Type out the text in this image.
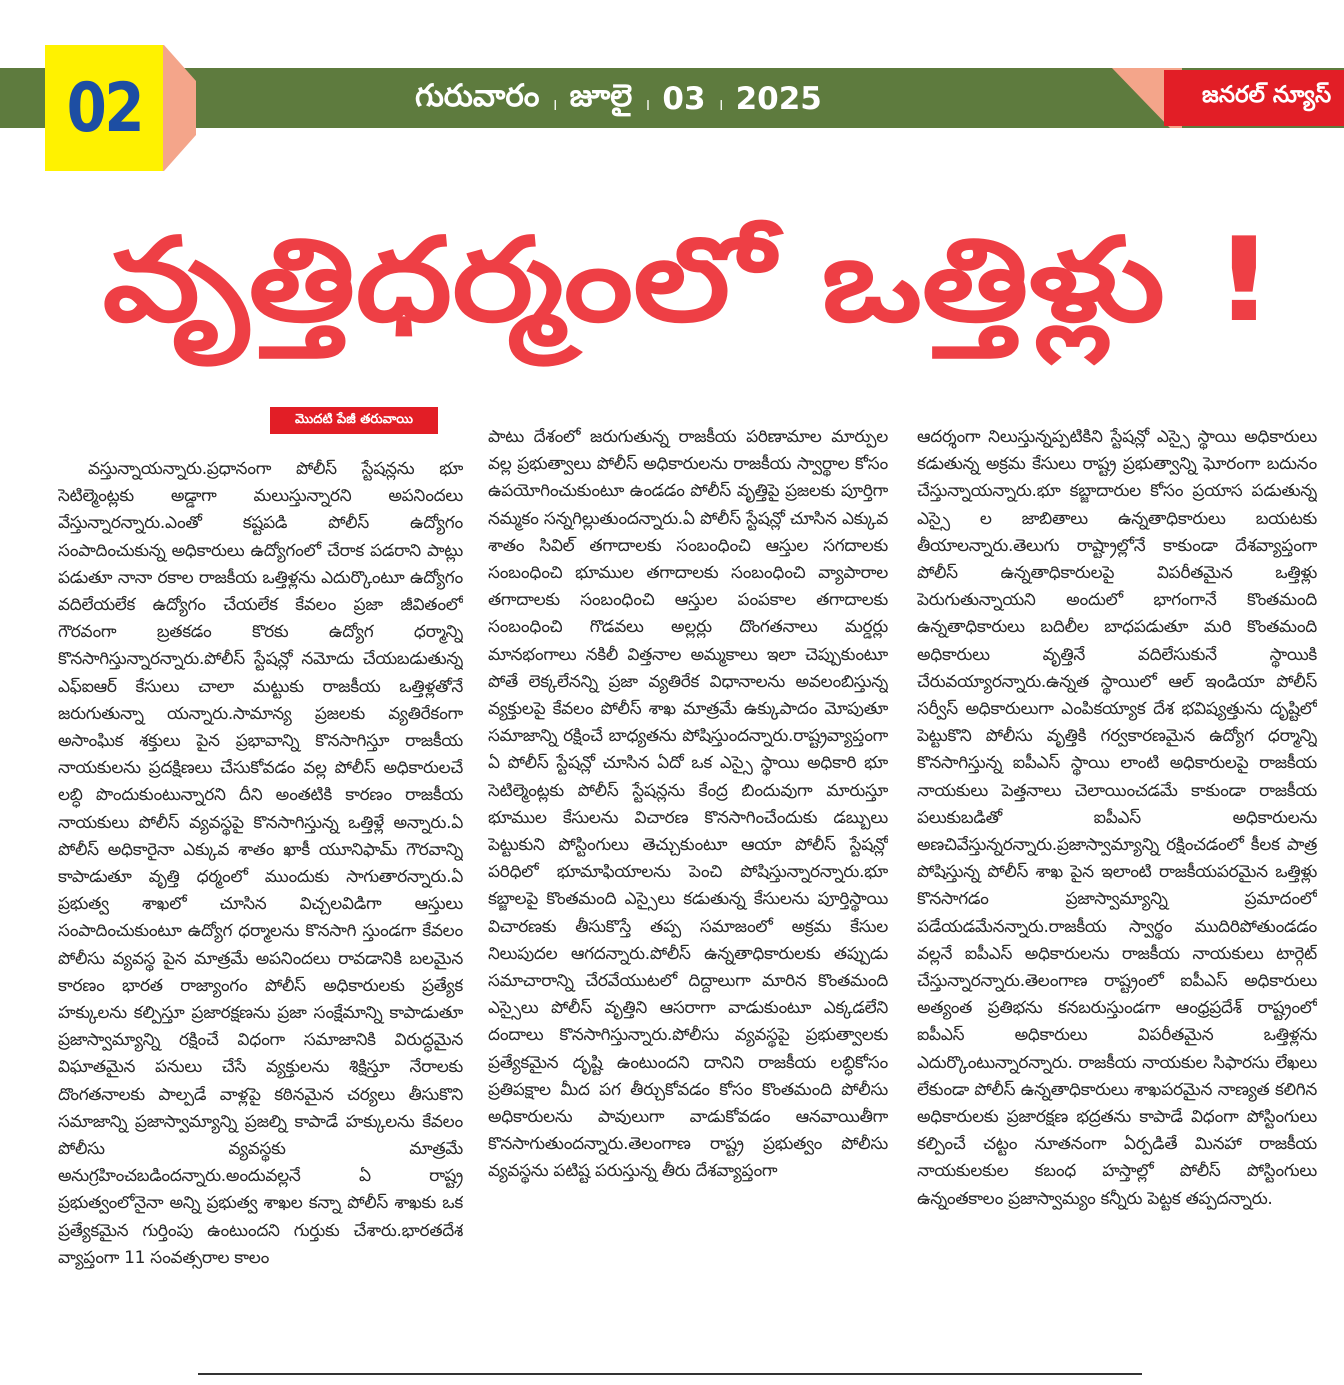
02	గురువారం । జూలై । 03 । 2025	జనరల్ న్యూస్
వృత్తిధర్మంలో ఒత్తిళ్లు !
మొదటి పేజీ తరువాయి
వస్తున్నాయన్నారు.ప్రధానంగా పోలీస్ స్టేషన్లను భూ సెటిల్మెంట్లకు అడ్డాగా మలుస్తున్నారని అపనిందలు వేస్తున్నారన్నారు.ఎంతో కష్టపడి పోలీస్ ఉద్యోగం సంపాదించుకున్న అధికారులు ఉద్యోగంలో చేరాక పడరాని పాట్లు పడుతూ నానా రకాల రాజకీయ ఒత్తిళ్లను ఎదుర్కొంటూ ఉద్యోగం వదిలేయలేక ఉద్యోగం చేయలేక కేవలం ప్రజా జీవితంలో గౌరవంగా బ్రతకడం కొరకు ఉద్యోగ ధర్మాన్ని కొనసాగిస్తున్నారన్నారు.పోలీస్ స్టేషన్లో నమోదు చేయబడుతున్న ఎఫ్ఐఆర్ కేసులు చాలా మట్టుకు రాజకీయ ఒత్తిళ్లతోనే జరుగుతున్నా యన్నారు.సామాన్య ప్రజలకు వ్యతిరేకంగా అసాంఘిక శక్తులు పైన ప్రభావాన్ని కొనసాగిస్తూ రాజకీయ నాయకులను ప్రదక్షిణలు చేసుకోవడం వల్ల పోలీస్ అధికారులచే లబ్ధి పొందుకుంటున్నారని దీని అంతటికి కారణం రాజకీయ నాయకులు పోలీస్ వ్యవస్థపై కొనసాగిస్తున్న ఒత్తిళ్లే అన్నారు.ఏ పోలీస్ అధికారైనా ఎక్కువ శాతం ఖాకీ యూనిఫామ్ గౌరవాన్ని కాపాడుతూ వృత్తి ధర్మంలో ముందుకు సాగుతారన్నారు.ఏ ప్రభుత్వ శాఖలో చూసిన విచ్చలవిడిగా ఆస్తులు సంపాదించుకుంటూ ఉద్యోగ ధర్మాలను కొనసాగి స్తుండగా కేవలం పోలీసు వ్యవస్థ పైన మాత్రమే అపనిందలు రావడానికి బలమైన కారణం భారత రాజ్యాంగం పోలీస్ అధికారులకు ప్రత్యేక హక్కులను కల్పిస్తూ ప్రజారక్షణను ప్రజా సంక్షేమాన్ని కాపాడుతూ ప్రజాస్వామ్యాన్ని రక్షించే విధంగా సమాజానికి విరుద్ధమైన విఘాతమైన పనులు చేసే వ్యక్తులను శిక్షిస్తూ నేరాలకు దొంగతనాలకు పాల్పడే వాళ్లపై కఠినమైన చర్యలు తీసుకొని సమాజాన్ని ప్రజాస్వామ్యాన్ని ప్రజల్ని కాపాడే హక్కులను కేవలం పోలీసు వ్యవస్థకు మాత్రమే అనుగ్రహించబడిందన్నారు.అందువల్లనే ఏ రాష్ట్ర ప్రభుత్వంలోనైనా అన్ని ప్రభుత్వ శాఖల కన్నా పోలీస్ శాఖకు ఒక ప్రత్యేకమైన గుర్తింపు ఉంటుందని గుర్తుకు చేశారు.భారతదేశ వ్యాప్తంగా 11 సంవత్సరాల కాలం
పాటు దేశంలో జరుగుతున్న రాజకీయ పరిణామాల మార్పుల వల్ల ప్రభుత్వాలు పోలీస్ అధికారులను రాజకీయ స్వార్థాల కోసం ఉపయోగించుకుంటూ ఉండడం పోలీస్ వృత్తిపై ప్రజలకు పూర్తిగా నమ్మకం సన్నగిల్లుతుందన్నారు.ఏ పోలీస్ స్టేషన్లో చూసిన ఎక్కువ శాతం సివిల్ తగాదాలకు సంబంధించి ఆస్తుల సగదాలకు సంబంధించి భూముల తగాదాలకు సంబంధించి వ్యాపారాల తగాదాలకు సంబంధించి ఆస్తుల పంపకాల తగాదాలకు సంబంధించి గొడవలు అల్లర్లు దొంగతనాలు మర్డర్లు మానభంగాలు నకిలీ విత్తనాల అమ్మకాలు ఇలా చెప్పుకుంటూ పోతే లెక్కలేనన్ని ప్రజా వ్యతిరేక విధానాలను అవలంబిస్తున్న వ్యక్తులపై కేవలం పోలీస్ శాఖ మాత్రమే ఉక్కుపాదం మోపుతూ సమాజాన్ని రక్షించే బాధ్యతను పోషిస్తుందన్నారు.రాష్ట్రవ్యాప్తంగా ఏ పోలీస్ స్టేషన్లో చూసిన ఏదో ఒక ఎస్సై స్థాయి అధికారి భూ సెటిల్మెంట్లకు పోలీస్ స్టేషన్లను కేంద్ర బిందువుగా మారుస్తూ భూముల కేసులను విచారణ కొనసాగించేందుకు డబ్బులు పెట్టుకుని పోస్టింగులు తెచ్చుకుంటూ ఆయా పోలీస్ స్టేషన్లో పరిధిలో భూమాఫియాలను పెంచి పోషిస్తున్నారన్నారు.భూ కబ్జాలపై కొంతమంది ఎస్సైలు కడుతున్న కేసులను పూర్తిస్థాయి విచారణకు తీసుకొస్తే తప్ప సమాజంలో అక్రమ కేసుల నిలుపుదల ఆగదన్నారు.పోలీస్ ఉన్నతాధికారులకు తప్పుడు సమాచారాన్ని చేరవేయుటలో దిద్దాలుగా మారిన కొంతమంది ఎస్సైలు పోలీస్ వృత్తిని ఆసరాగా వాడుకుంటూ ఎక్కడలేని దందాలు కొనసాగిస్తున్నారు.పోలీసు వ్యవస్థపై ప్రభుత్వాలకు ప్రత్యేకమైన దృష్టి ఉంటుందని దానిని రాజకీయ లబ్ధికోసం ప్రతిపక్షాల మీద పగ తీర్చుకోవడం కోసం కొంతమంది పోలీసు అధికారులను పావులుగా వాడుకోవడం ఆనవాయితీగా కొనసాగుతుందన్నారు.తెలంగాణ రాష్ట్ర ప్రభుత్వం పోలీసు వ్యవస్థను పటిష్ట పరుస్తున్న తీరు దేశవ్యాప్తంగా
ఆదర్శంగా నిలుస్తున్నప్పటికిని స్టేషన్లో ఎస్సై స్థాయి అధికారులు కడుతున్న అక్రమ కేసులు రాష్ట్ర ప్రభుత్వాన్ని ఘోరంగా బదునం చేస్తున్నాయన్నారు.భూ కబ్జాదారుల కోసం ప్రయాస పడుతున్న ఎస్సై ల జాబితాలు ఉన్నతాధికారులు బయటకు తీయాలన్నారు.తెలుగు రాష్ట్రాల్లోనే కాకుండా దేశవ్యాప్తంగా పోలీస్ ఉన్నతాధికారులపై విపరీతమైన ఒత్తిళ్లు పెరుగుతున్నాయని అందులో భాగంగానే కొంతమంది ఉన్నతాధికారులు బదిలీల బాధపడుతూ మరి కొంతమంది అధికారులు వృత్తినే వదిలేసుకునే స్థాయికి చేరువయ్యారన్నారు.ఉన్నత స్థాయిలో ఆల్ ఇండియా పోలీస్ సర్వీస్ అధికారులుగా ఎంపికయ్యాక దేశ భవిష్యత్తును దృష్టిలో పెట్టుకొని పోలీసు వృత్తికి గర్వకారణమైన ఉద్యోగ ధర్మాన్ని కొనసాగిస్తున్న ఐపీఎస్ స్థాయి లాంటి అధికారులపై రాజకీయ నాయకులు పెత్తనాలు చెలాయించడమే కాకుండా రాజకీయ పలుకుబడితో ఐపీఎస్ అధికారులను అణచివేస్తున్నరన్నారు.ప్రజాస్వామ్యాన్ని రక్షించడంలో కీలక పాత్ర పోషిస్తున్న పోలీస్ శాఖ పైన ఇలాంటి రాజకీయపరమైన ఒత్తిళ్లు కొనసాగడం ప్రజాస్వామ్యాన్ని ప్రమాదంలో పడేయడమేనన్నారు.రాజకీయ స్వార్థం ముదిరిపోతుండడం వల్లనే ఐపీఎస్ అధికారులను రాజకీయ నాయకులు టార్గెట్ చేస్తున్నారన్నారు.తెలంగాణ రాష్ట్రంలో ఐపీఎస్ అధికారులు అత్యంత ప్రతిభను కనబరుస్తుండగా ఆంధ్రప్రదేశ్ రాష్ట్రంలో ఐపీఎస్ అధికారులు విపరీతమైన ఒత్తిళ్లను ఎదుర్కొంటున్నారన్నారు. రాజకీయ నాయకుల సిఫారసు లేఖలు లేకుండా పోలీస్ ఉన్నతాధికారులు శాఖపరమైన నాణ్యత కలిగిన అధికారులకు ప్రజారక్షణ భద్రతను కాపాడే విధంగా పోస్టింగులు కల్పించే చట్టం నూతనంగా ఏర్పడితే మినహా రాజకీయ నాయకులకుల కబంధ హస్తాల్లో పోలీస్ పోస్టింగులు ఉన్నంతకాలం ప్రజాస్వామ్యం కన్నీరు పెట్టక తప్పదన్నారు.
